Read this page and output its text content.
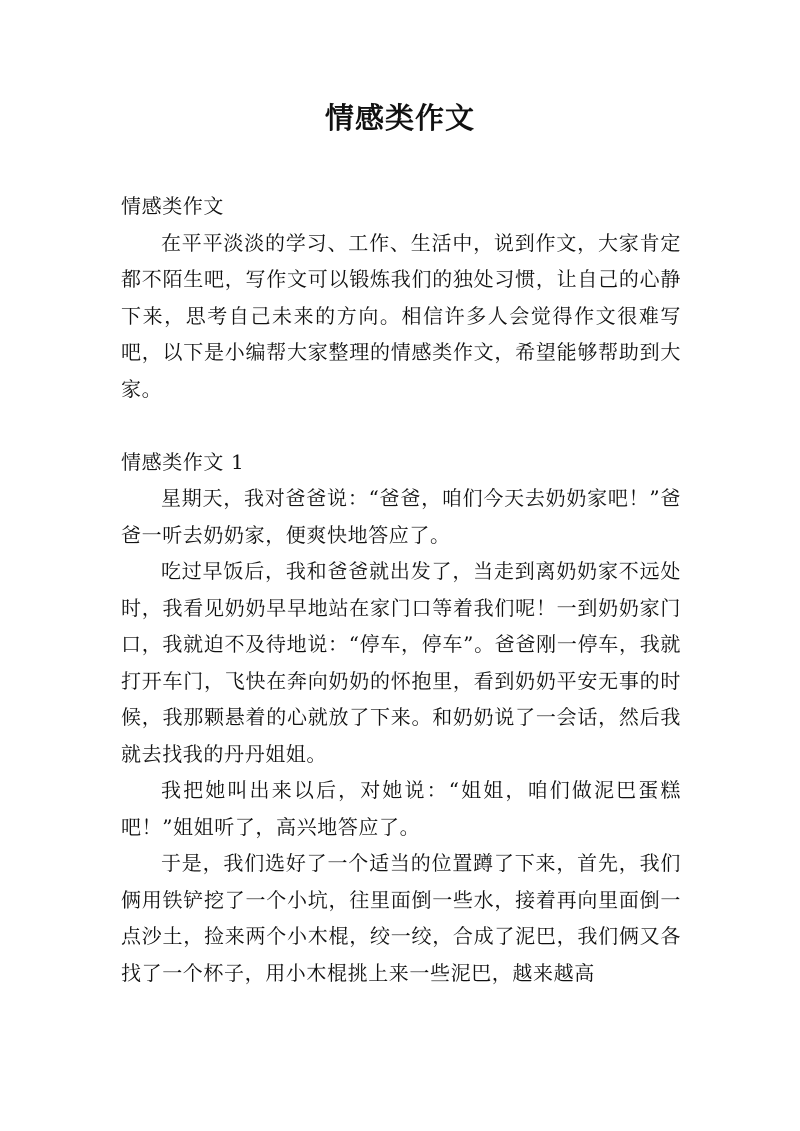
情感类作文

情感类作文

在平平淡淡的学习、工作、生活中，说到作文，大家肯定都不陌生吧，写作文可以锻炼我们的独处习惯，让自己的心静下来，思考自己未来的方向。相信许多人会觉得作文很难写吧，以下是小编帮大家整理的情感类作文，希望能够帮助到大家。

情感类作文 1

星期天，我对爸爸说：“爸爸，咱们今天去奶奶家吧！”爸爸一听去奶奶家，便爽快地答应了。

吃过早饭后，我和爸爸就出发了，当走到离奶奶家不远处时，我看见奶奶早早地站在家门口等着我们呢！一到奶奶家门口，我就迫不及待地说：“停车，停车”。爸爸刚一停车，我就打开车门，飞快在奔向奶奶的怀抱里，看到奶奶平安无事的时候，我那颗悬着的心就放了下来。和奶奶说了一会话，然后我就去找我的丹丹姐姐。

我把她叫出来以后，对她说：“姐姐，咱们做泥巴蛋糕吧！”姐姐听了，高兴地答应了。

于是，我们选好了一个适当的位置蹲了下来，首先，我们俩用铁铲挖了一个小坑，往里面倒一些水，接着再向里面倒一点沙土，捡来两个小木棍，绞一绞，合成了泥巴，我们俩又各找了一个杯子，用小木棍挑上来一些泥巴，越来越高
